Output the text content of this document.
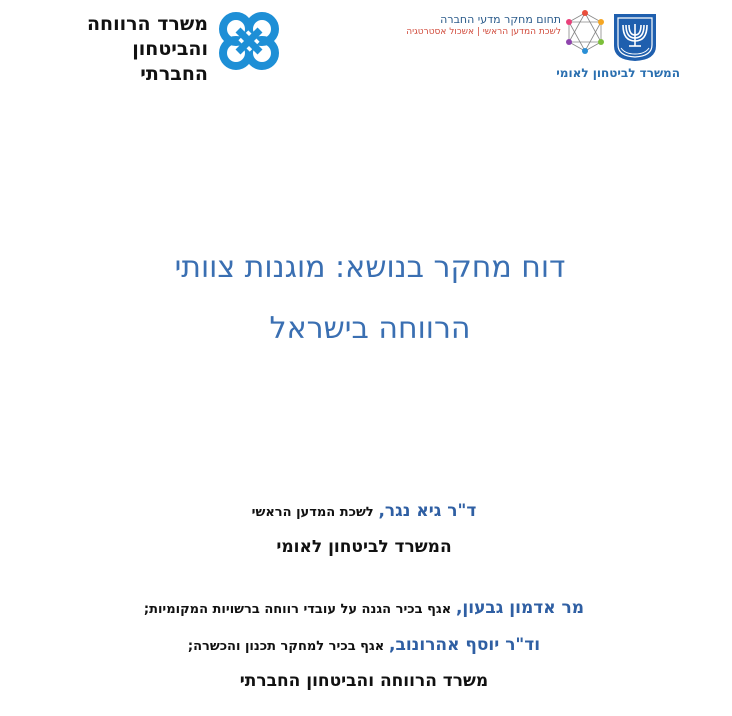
משרד הרווחה
והביטחון החברתי
תחום מחקר מדעי החברה
לשכת המדען הראשי | אשכול אסטרטגיה
המשרד לביטחון לאומי
דוח מחקר בנושא: מוגנות צוותי
הרווחה בישראל
ד"ר גיא נגר, לשכת המדען הראשי
המשרד לביטחון לאומי
מר אדמון גבעון, אגף בכיר הגנה על עובדי רווחה ברשויות המקומיות;
וד"ר יוסף אהרונוב, אגף בכיר למחקר תכנון והכשרה;
משרד הרווחה והביטחון החברתי
